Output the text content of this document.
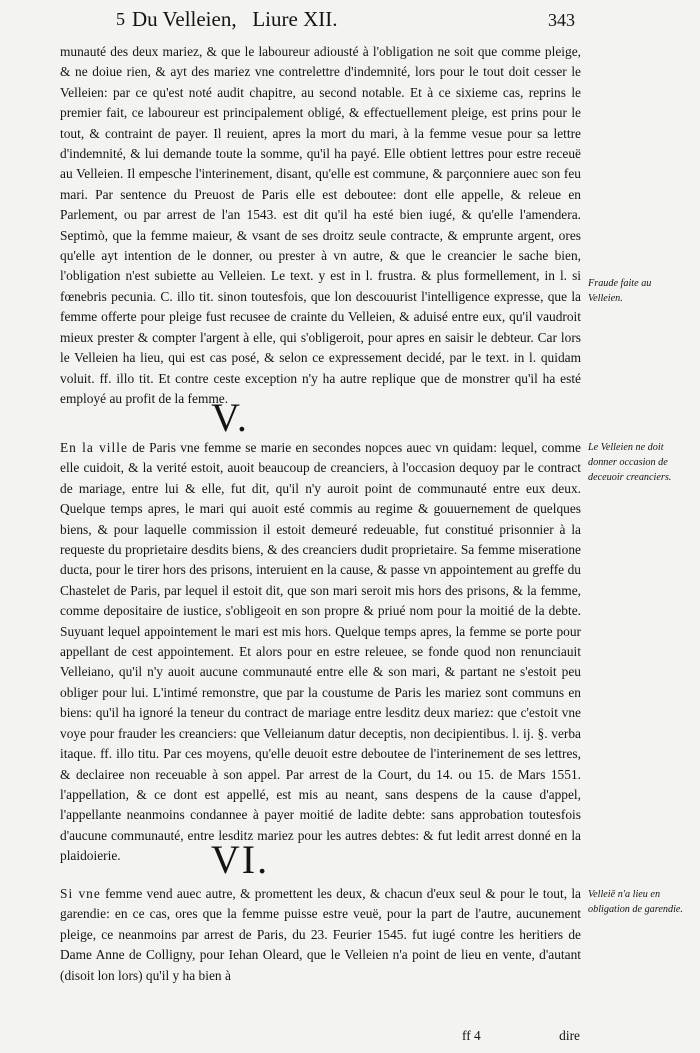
5 Du Velleien,   Liure XII.	343

munauté des deux mariez, & que le laboureur adiousté à l'obligation ne soit que comme pleige, & ne doiue rien, & ayt des mariez vne contrelettre d'indemnité, lors pour le tout doit cesser le Velleien: par ce qu'est noté audit chapitre, au second notable. Et à ce sixieme cas, reprins le premier fait, ce laboureur est principalement obligé, & effectuellement pleige, est prins pour le tout, & contraint de payer. Il reuient, apres la mort du mari, à la femme vesue pour sa lettre d'indemnité, & lui demande toute la somme, qu'il ha payé. Elle obtient lettres pour estre receuë au Velleien. Il empesche l'interinement, disant, qu'elle est commune, & parçonniere auec son feu mari. Par sentence du Preuost de Paris elle est deboutee: dont elle appelle, & releue en Parlement, ou par arrest de l'an 1543. est dit qu'il ha esté bien iugé, & qu'elle l'amendera. Septimò, que la femme maieur, & vsant de ses droitz seule contracte, & emprunte argent, ores qu'elle ayt intention de le donner, ou prester à vn autre, & que le creancier le sache bien, l'obligation n'est subiette au Velleien. Le text. y est in l. frustra. & plus formellement, in l. si fœnebris pecunia. C. illo tit. sinon toutesfois, que lon descouurist l'intelligence expresse, que la femme offerte pour pleige fust recusee de crainte du Velleien, & aduisé entre eux, qu'il vaudroit mieux prester & compter l'argent à elle, qui s'obligeroit, pour apres en saisir le debteur. Car lors le Velleien ha lieu, qui est cas posé, & selon ce expressement decidé, par le text. in l. quidam voluit. ff. illo tit. Et contre ceste exception n'y ha autre replique que de monstrer qu'il ha esté employé au profit de la femme.

V.

En la ville de Paris vne femme se marie en secondes nopces auec vn quidam: lequel, comme elle cuidoit, & la verité estoit, auoit beaucoup de creanciers, à l'occasion dequoy par le contract de mariage, entre lui & elle, fut dit, qu'il n'y auroit point de communauté entre eux deux. Quelque temps apres, le mari qui auoit esté commis au regime & gouuernement de quelques biens, & pour laquelle commission il estoit demeuré redeuable, fut constitué prisonnier à la requeste du proprietaire desdits biens, & des creanciers dudit proprietaire. Sa femme miseratione ducta, pour le tirer hors des prisons, interuient en la cause, & passe vn appointement au greffe du Chastelet de Paris, par lequel il estoit dit, que son mari seroit mis hors des prisons, & la femme, comme depositaire de iustice, s'obligeoit en son propre & priué nom pour la moitié de la debte. Suyuant lequel appointement le mari est mis hors. Quelque temps apres, la femme se porte pour appellant de cest appointement. Et alors pour en estre releuee, se fonde quod non renunciauit Velleiano, qu'il n'y auoit aucune communauté entre elle & son mari, & partant ne s'estoit peu obliger pour lui. L'intimé remonstre, que par la coustume de Paris les mariez sont communs en biens: qu'il ha ignoré la teneur du contract de mariage entre lesditz deux mariez: que c'estoit vne voye pour frauder les creanciers: que Velleianum datur deceptis, non decipientibus. l. ij. §. verba itaque. ff. illo titu. Par ces moyens, qu'elle deuoit estre deboutee de l'interinement de ses lettres, & declairee non receuable à son appel. Par arrest de la Court, du 14. ou 15. de Mars 1551. l'appellation, & ce dont est appellé, est mis au neant, sans despens de la cause d'appel, l'appellante neanmoins condannee à payer moitié de ladite debte: sans approbation toutesfois d'aucune communauté, entre lesditz mariez pour les autres debtes: & fut ledit arrest donné en la plaidoierie.	VI.

Si vne femme vend auec autre, & promettent les deux, & chacun d'eux seul & pour le tout, la garendie: en ce cas, ores que la femme puisse estre veuë, pour la part de l'autre, aucunement pleige, ce neanmoins par arrest de Paris, du 23. Feurier 1545. fut iugé contre les heritiers de Dame Anne de Colligny, pour Iehan Oleard, que le Velleien n'a point de lieu en vente, d'autant (disoit lon lors) qu'il y ha bien à

Fraude faite au Velleien.
Le Velleien ne doit donner occasion de deceuoir creanciers.
Velleiē n'a lieu en obligation de garendie.
ff 4	dire
